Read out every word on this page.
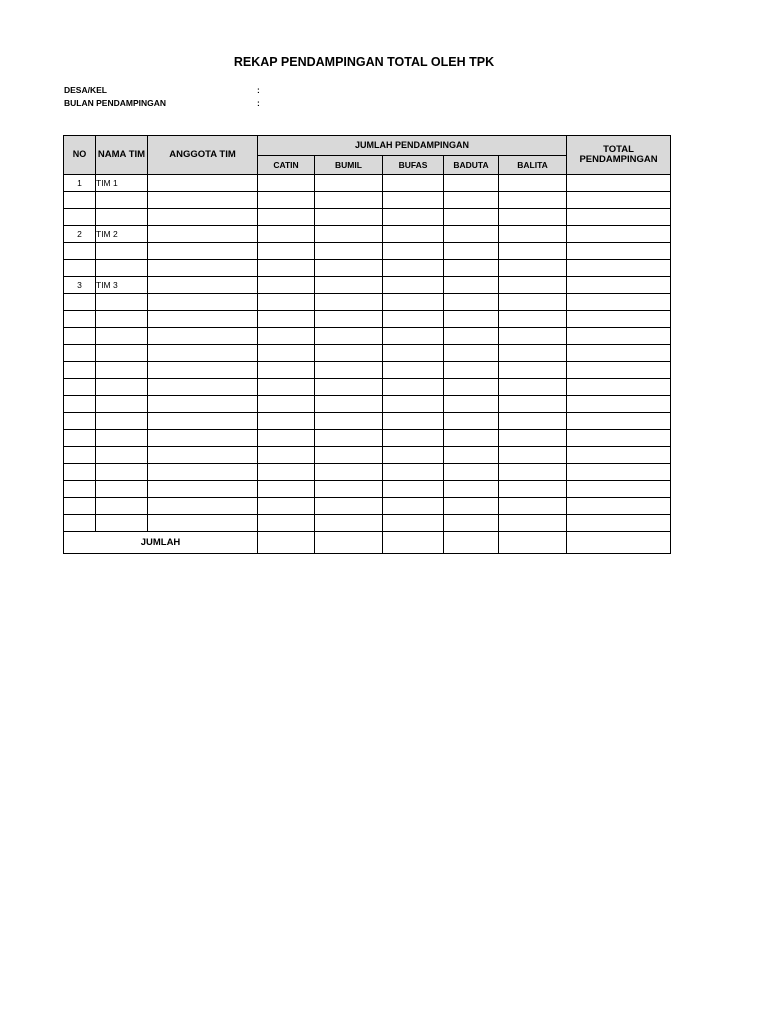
REKAP PENDAMPINGAN TOTAL OLEH TPK
DESA/KEL	:
BULAN PENDAMPINGAN	:
NO	NAMA TIM	ANGGOTA TIM	JUMLAH PENDAMPINGAN					TOTAL PENDAMPINGAN
			CATIN	BUMIL	BUFAS	BADUTA	BALITA	
1	TIM 1							

2	TIM 2							

3	TIM 3							

JUMLAH								
